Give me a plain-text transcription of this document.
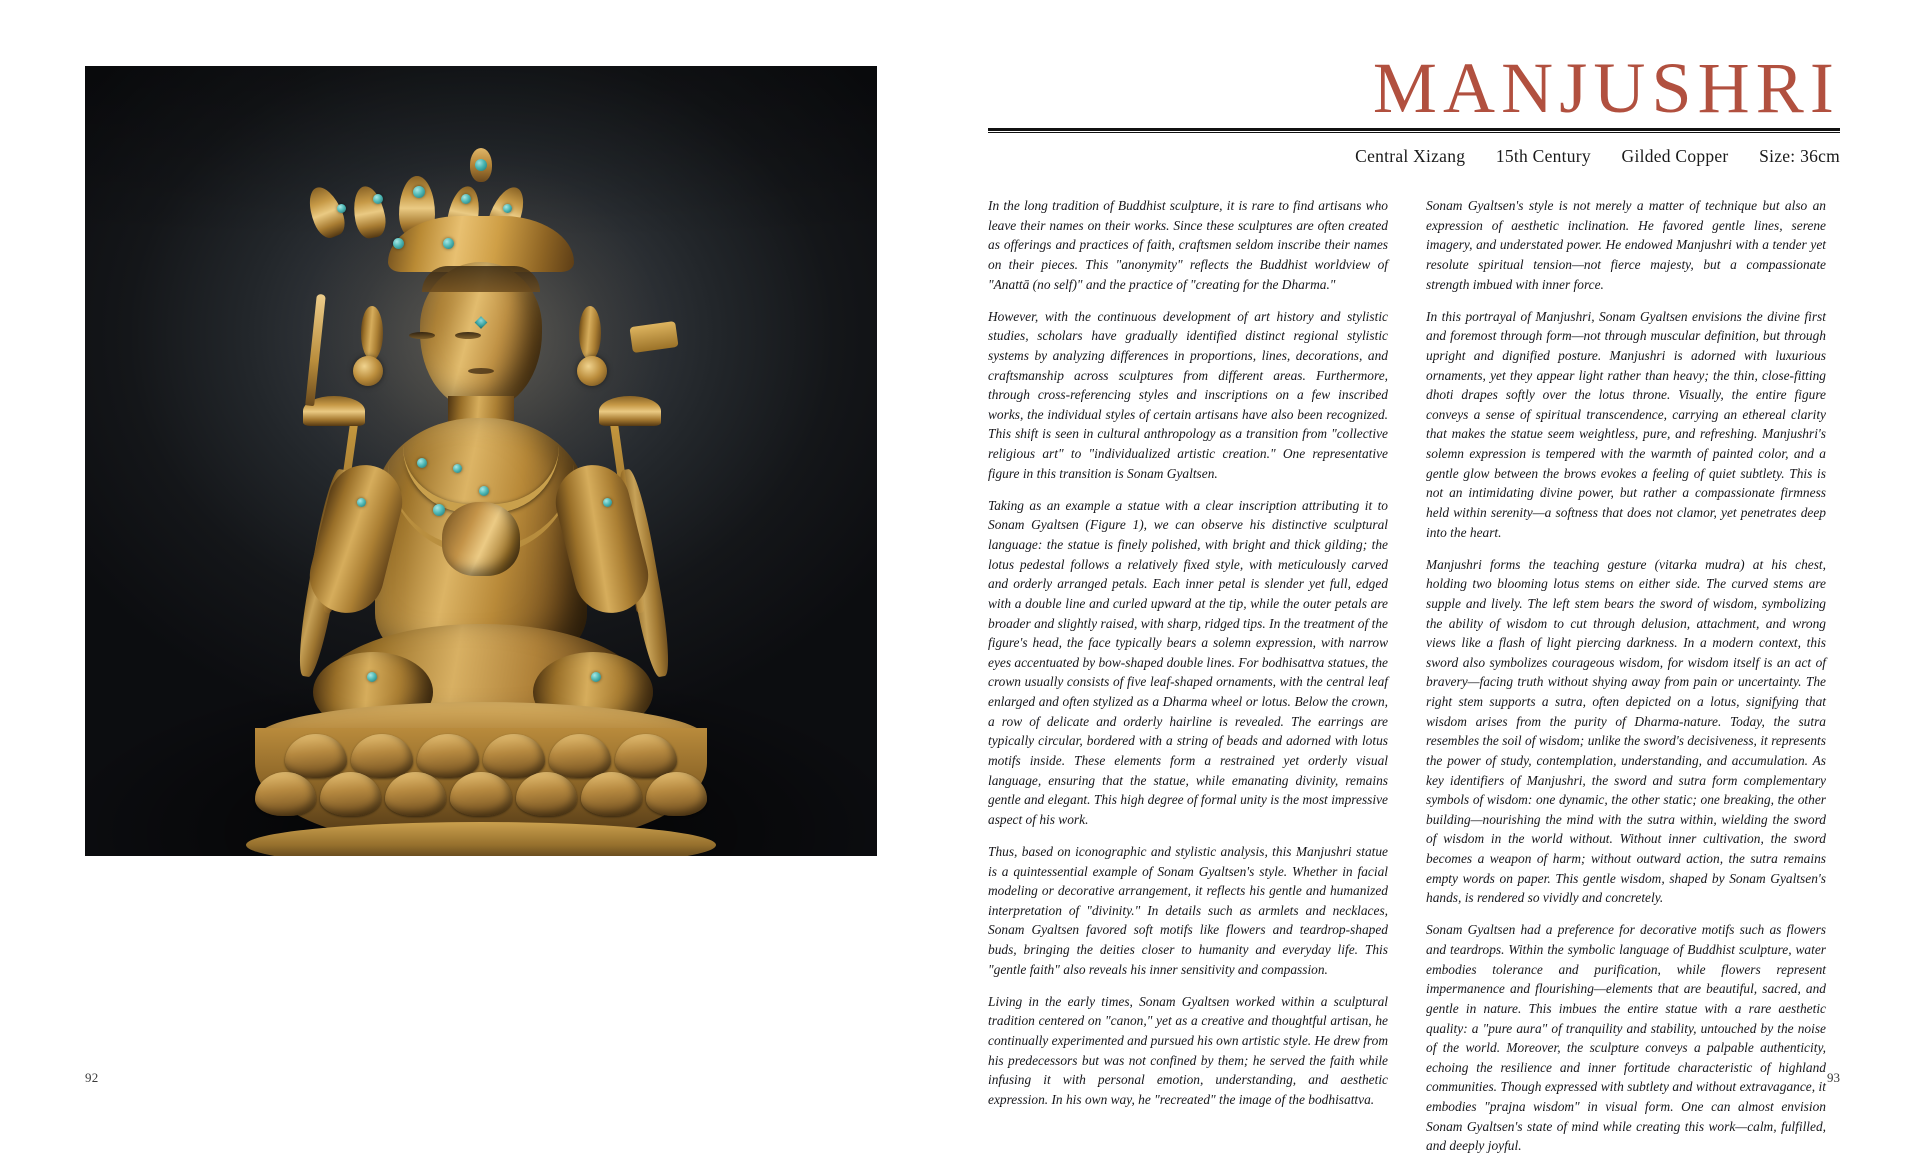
92
MANJUSHRI
Central Xizang 15th Century Gilded Copper Size: 36cm

In the long tradition of Buddhist sculpture, it is rare to find artisans who leave their names on their works. Since these sculptures are often created as offerings and practices of faith, craftsmen seldom inscribe their names on their pieces. This "anonymity" reflects the Buddhist worldview of "Anattā (no self)" and the practice of "creating for the Dharma."

However, with the continuous development of art history and stylistic studies, scholars have gradually identified distinct regional stylistic systems by analyzing differences in proportions, lines, decorations, and craftsmanship across sculptures from different areas. Furthermore, through cross-referencing styles and inscriptions on a few inscribed works, the individual styles of certain artisans have also been recognized. This shift is seen in cultural anthropology as a transition from "collective religious art" to "individualized artistic creation." One representative figure in this transition is Sonam Gyaltsen.

Taking as an example a statue with a clear inscription attributing it to Sonam Gyaltsen (Figure 1), we can observe his distinctive sculptural language: the statue is finely polished, with bright and thick gilding; the lotus pedestal follows a relatively fixed style, with meticulously carved and orderly arranged petals. Each inner petal is slender yet full, edged with a double line and curled upward at the tip, while the outer petals are broader and slightly raised, with sharp, ridged tips. In the treatment of the figure's head, the face typically bears a solemn expression, with narrow eyes accentuated by bow-shaped double lines. For bodhisattva statues, the crown usually consists of five leaf-shaped ornaments, with the central leaf enlarged and often stylized as a Dharma wheel or lotus. Below the crown, a row of delicate and orderly hairline is revealed. The earrings are typically circular, bordered with a string of beads and adorned with lotus motifs inside. These elements form a restrained yet orderly visual language, ensuring that the statue, while emanating divinity, remains gentle and elegant. This high degree of formal unity is the most impressive aspect of his work.

Thus, based on iconographic and stylistic analysis, this Manjushri statue is a quintessential example of Sonam Gyaltsen's style. Whether in facial modeling or decorative arrangement, it reflects his gentle and humanized interpretation of "divinity." In details such as armlets and necklaces, Sonam Gyaltsen favored soft motifs like flowers and teardrop-shaped buds, bringing the deities closer to humanity and everyday life. This "gentle faith" also reveals his inner sensitivity and compassion.

Living in the early times, Sonam Gyaltsen worked within a sculptural tradition centered on "canon," yet as a creative and thoughtful artisan, he continually experimented and pursued his own artistic style. He drew from his predecessors but was not confined by them; he served the faith while infusing it with personal emotion, understanding, and aesthetic expression. In his own way, he "recreated" the image of the bodhisattva.

Sonam Gyaltsen's style is not merely a matter of technique but also an expression of aesthetic inclination. He favored gentle lines, serene imagery, and understated power. He endowed Manjushri with a tender yet resolute spiritual tension—not fierce majesty, but a compassionate strength imbued with inner force.

In this portrayal of Manjushri, Sonam Gyaltsen envisions the divine first and foremost through form—not through muscular definition, but through upright and dignified posture. Manjushri is adorned with luxurious ornaments, yet they appear light rather than heavy; the thin, close-fitting dhoti drapes softly over the lotus throne. Visually, the entire figure conveys a sense of spiritual transcendence, carrying an ethereal clarity that makes the statue seem weightless, pure, and refreshing. Manjushri's solemn expression is tempered with the warmth of painted color, and a gentle glow between the brows evokes a feeling of quiet subtlety. This is not an intimidating divine power, but rather a compassionate firmness held within serenity—a softness that does not clamor, yet penetrates deep into the heart.

Manjushri forms the teaching gesture (vitarka mudra) at his chest, holding two blooming lotus stems on either side. The curved stems are supple and lively. The left stem bears the sword of wisdom, symbolizing the ability of wisdom to cut through delusion, attachment, and wrong views like a flash of light piercing darkness. In a modern context, this sword also symbolizes courageous wisdom, for wisdom itself is an act of bravery—facing truth without shying away from pain or uncertainty. The right stem supports a sutra, often depicted on a lotus, signifying that wisdom arises from the purity of Dharma-nature. Today, the sutra resembles the soil of wisdom; unlike the sword's decisiveness, it represents the power of study, contemplation, understanding, and accumulation. As key identifiers of Manjushri, the sword and sutra form complementary symbols of wisdom: one dynamic, the other static; one breaking, the other building—nourishing the mind with the sutra within, wielding the sword of wisdom in the world without. Without inner cultivation, the sword becomes a weapon of harm; without outward action, the sutra remains empty words on paper. This gentle wisdom, shaped by Sonam Gyaltsen's hands, is rendered so vividly and concretely.

Sonam Gyaltsen had a preference for decorative motifs such as flowers and teardrops. Within the symbolic language of Buddhist sculpture, water embodies tolerance and purification, while flowers represent impermanence and flourishing—elements that are beautiful, sacred, and gentle in nature. This imbues the entire statue with a rare aesthetic quality: a "pure aura" of tranquility and stability, untouched by the noise of the world. Moreover, the sculpture conveys a palpable authenticity, echoing the resilience and inner fortitude characteristic of highland communities. Though expressed with subtlety and without extravagance, it embodies "prajna wisdom" in visual form. One can almost envision Sonam Gyaltsen's state of mind while creating this work—calm, fulfilled, and deeply joyful.

93
